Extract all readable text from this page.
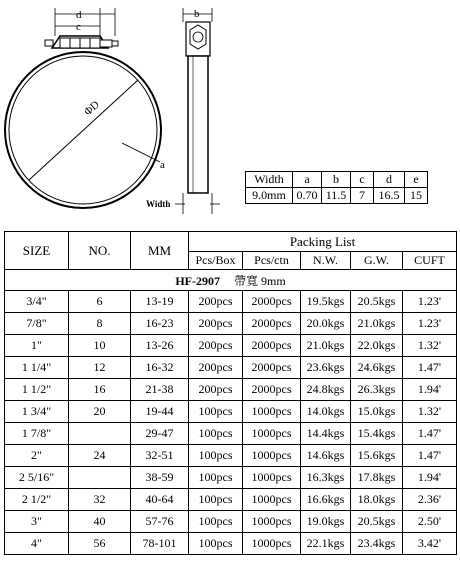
d
c
ΦD
a
b
Width
Width	a	b	c	d	e
9.0mm	0.70	11.5	7	16.5	15
SIZE	NO.	MM	Packing List				
			Pcs/Box	Pcs/ctn	N.W.	G.W.	CUFT
HF-2907 帶寬 9mm							
3/4"	6	13-19	200pcs	2000pcs	19.5kgs	20.5kgs	1.23'
7/8"	8	16-23	200pcs	2000pcs	20.0kgs	21.0kgs	1.23'
1"	10	13-26	200pcs	2000pcs	21.0kgs	22.0kgs	1.32'
1 1/4"	12	16-32	200pcs	2000pcs	23.6kgs	24.6kgs	1.47'
1 1/2"	16	21-38	200pcs	2000pcs	24.8kgs	26.3kgs	1.94'
1 3/4"	20	19-44	100pcs	1000pcs	14.0kgs	15.0kgs	1.32'
1 7/8"		29-47	100pcs	1000pcs	14.4kgs	15.4kgs	1.47'
2"	24	32-51	100pcs	1000pcs	14.6kgs	15.6kgs	1.47'
2 5/16"		38-59	100pcs	1000pcs	16.3kgs	17.8kgs	1.94'
2 1/2"	32	40-64	100pcs	1000pcs	16.6kgs	18.0kgs	2.36'
3"	40	57-76	100pcs	1000pcs	19.0kgs	20.5kgs	2.50'
4"	56	78-101	100pcs	1000pcs	22.1kgs	23.4kgs	3.42'
